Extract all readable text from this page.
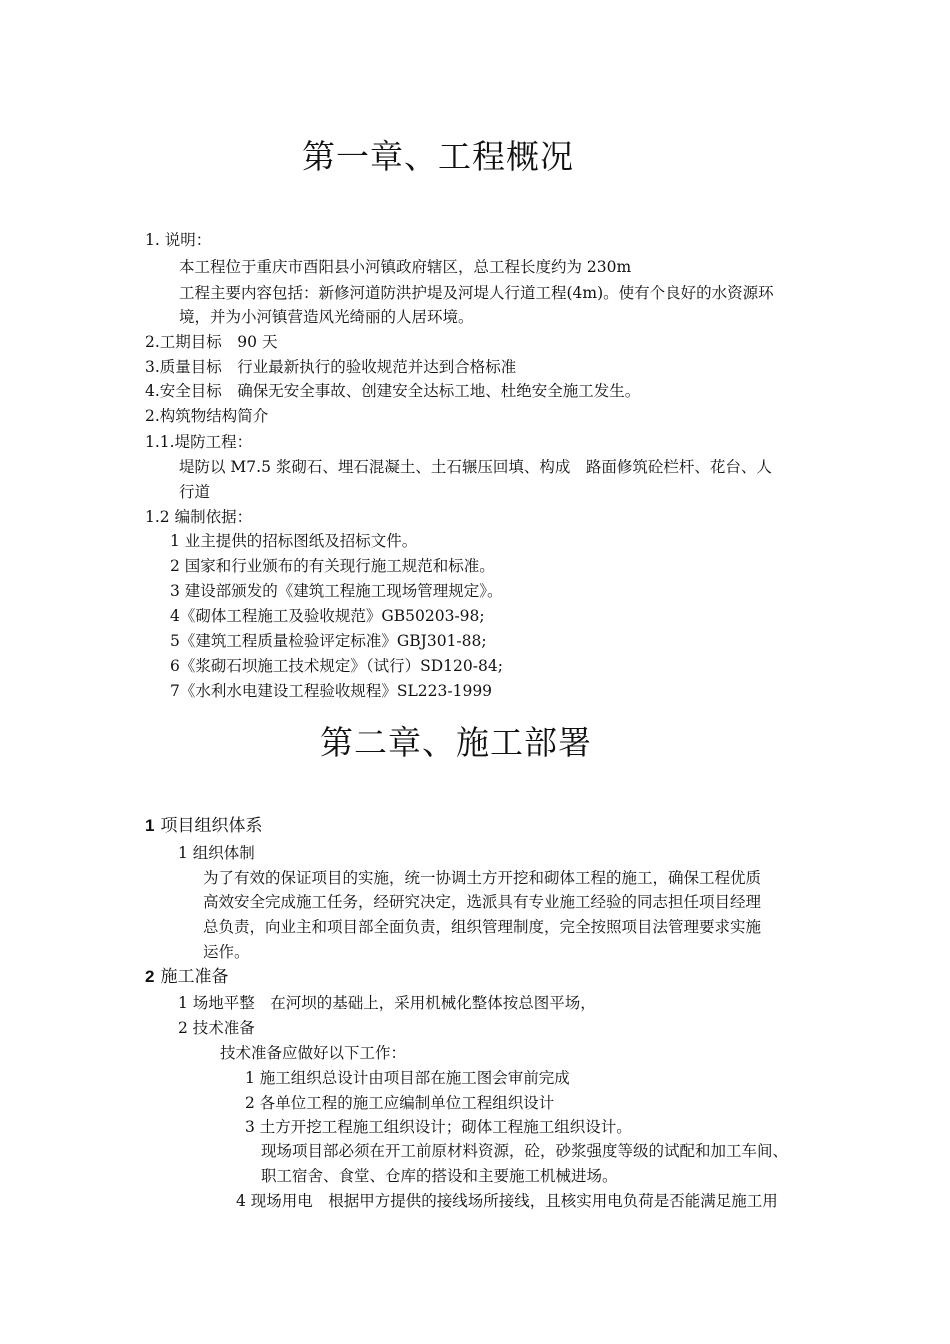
第一章、工程概况
1. 说明：
本工程位于重庆市酉阳县小河镇政府辖区，总工程长度约为 230m
工程主要内容包括：新修河道防洪护堤及河堤人行道工程(4m)。使有个良好的水资源环
境，并为小河镇营造风光绮丽的人居环境。
2.工期目标　90 天
3.质量目标　行业最新执行的验收规范并达到合格标准
4.安全目标　确保无安全事故、创建安全达标工地、杜绝安全施工发生。
2.构筑物结构简介
1.1.堤防工程：
堤防以 M7.5 浆砌石、埋石混凝土、土石辗压回填、构成　路面修筑砼栏杆、花台、人
行道
1.2 编制依据：
1 业主提供的招标图纸及招标文件。
2 国家和行业颁布的有关现行施工规范和标准。
3 建设部颁发的《建筑工程施工现场管理规定》。
4《砌体工程施工及验收规范》GB50203-98;
5《建筑工程质量检验评定标准》GBJ301-88;
6《浆砌石坝施工技术规定》（试行）SD120-84;
7《水利水电建设工程验收规程》SL223-1999
第二章、施工部署
1 项目组织体系
1 组织体制
为了有效的保证项目的实施，统一协调土方开挖和砌体工程的施工，确保工程优质
高效安全完成施工任务，经研究决定，选派具有专业施工经验的同志担任项目经理
总负责，向业主和项目部全面负责，组织管理制度，完全按照项目法管理要求实施
运作。
2 施工准备
1 场地平整　在河坝的基础上，采用机械化整体按总图平场，
2 技术准备
技术准备应做好以下工作：
1 施工组织总设计由项目部在施工图会审前完成
2 各单位工程的施工应编制单位工程组织设计
3 土方开挖工程施工组织设计；砌体工程施工组织设计。
现场项目部必须在开工前原材料资源，砼，砂浆强度等级的试配和加工车间、
职工宿舍、食堂、仓库的搭设和主要施工机械进场。
4 现场用电　根据甲方提供的接线场所接线，且核实用电负荷是否能满足施工用
